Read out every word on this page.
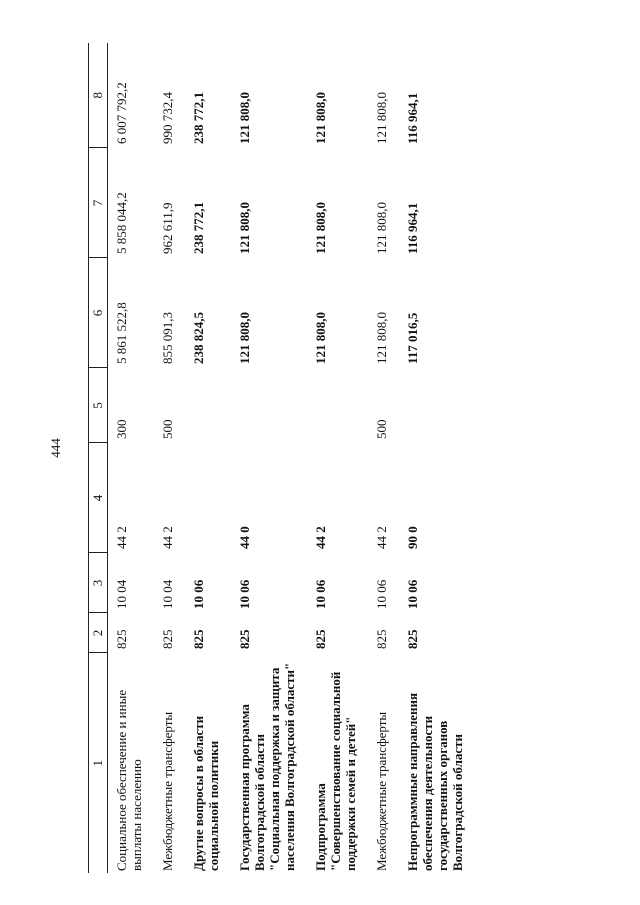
444
1	2	3	4	5	6	7	8
Социальное обеспечение и иные выплаты населению	825	10 04	44 2	300	5 861 522,8	5 858 044,2	6 007 792,2
Межбюджетные трансферты	825	10 04	44 2	500	855 091,3	962 611,9	990 732,4
Другие вопросы в области социальной политики	825	10 06			238 824,5	238 772,1	238 772,1
Государственная программа Волгоградской области "Социальная поддержка и защита населения Волгоградской области"	825	10 06	44 0		121 808,0	121 808,0	121 808,0
Подпрограмма "Совершенствование социальной поддержки семей и детей"	825	10 06	44 2		121 808,0	121 808,0	121 808,0
Межбюджетные трансферты	825	10 06	44 2	500	121 808,0	121 808,0	121 808,0
Непрограммные направления обеспечения деятельности государственных органов Волгоградской области	825	10 06	90 0		117 016,5	116 964,1	116 964,1
